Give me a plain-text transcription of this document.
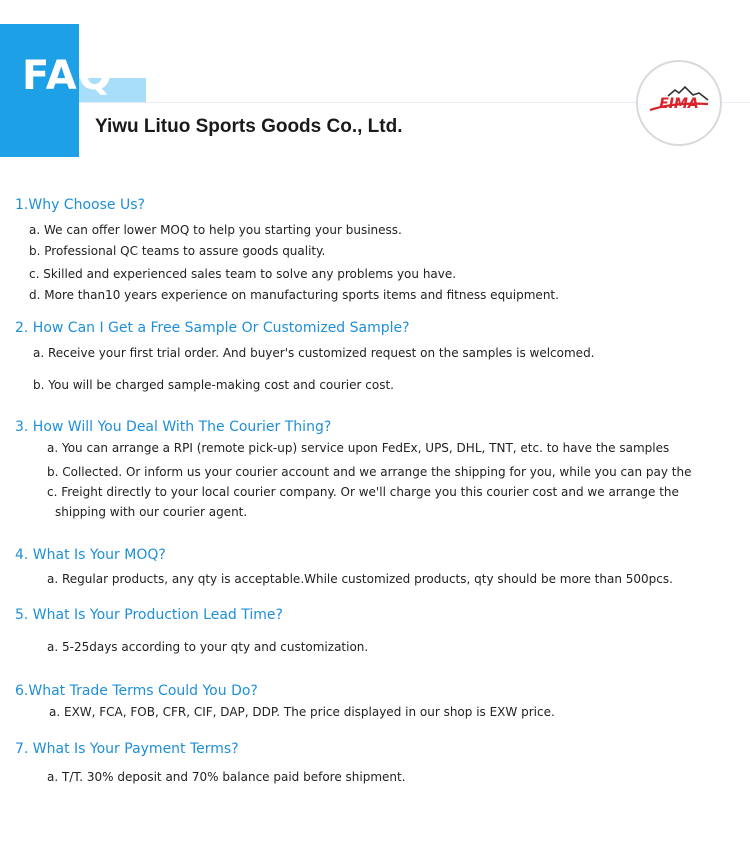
FAQ
Yiwu Lituo Sports Goods Co., Ltd.
EIMA
1.Why Choose Us?
a. We can offer lower MOQ to help you starting your business.
b. Professional QC teams to assure goods quality.
c. Skilled and experienced sales team to solve any problems you have.
d. More than10 years experience on manufacturing sports items and fitness equipment.
2. How Can I Get a Free Sample Or Customized Sample?
a. Receive your first trial order. And buyer's customized request on the samples is welcomed.
b. You will be charged sample-making cost and courier cost.
3. How Will You Deal With The Courier Thing?
a. You can arrange a RPI (remote pick-up) service upon FedEx, UPS, DHL, TNT, etc. to have the samples
b. Collected. Or inform us your courier account and we arrange the shipping for you, while you can pay the
c. Freight directly to your local courier company. Or we'll charge you this courier cost and we arrange the
shipping with our courier agent.
4. What Is Your MOQ?
a. Regular products, any qty is acceptable.While customized products, qty should be more than 500pcs.
5. What Is Your Production Lead Time?
a. 5-25days according to your qty and customization.
6.What Trade Terms Could You Do?
a. EXW, FCA, FOB, CFR, CIF, DAP, DDP. The price displayed in our shop is EXW price.
7. What Is Your Payment Terms?
a. T/T. 30% deposit and 70% balance paid before shipment.
